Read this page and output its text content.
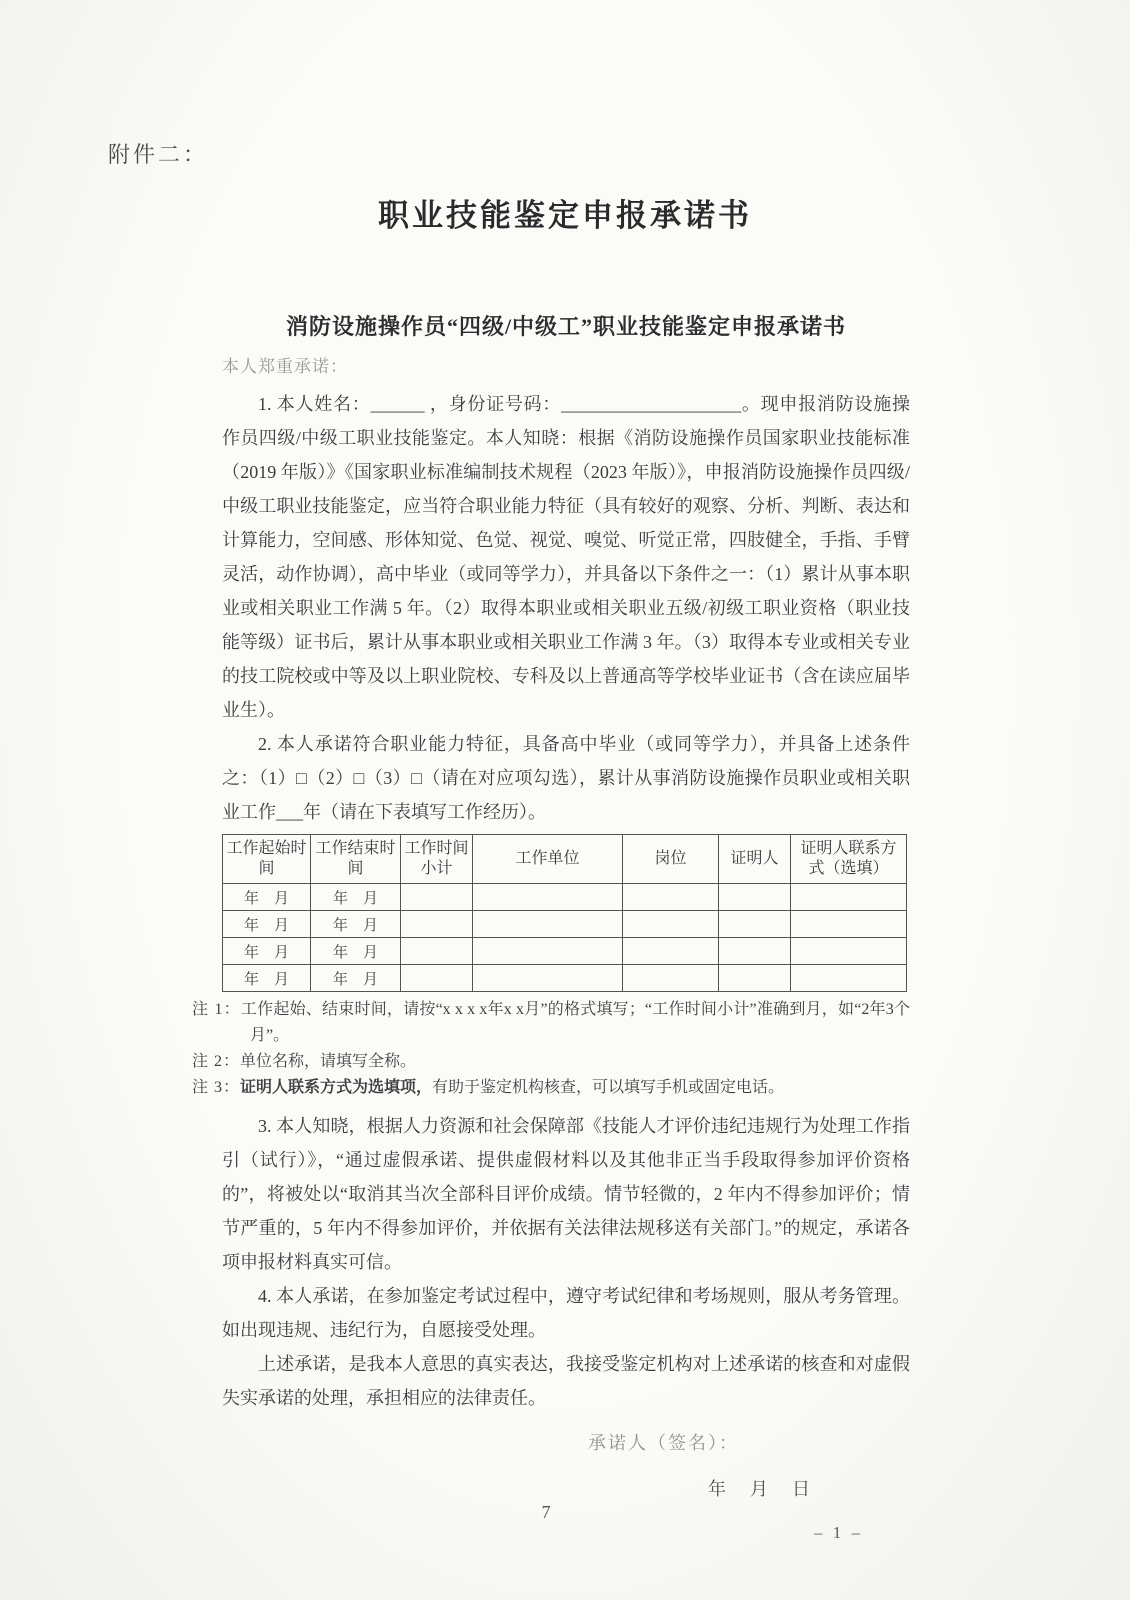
附件二：
职业技能鉴定申报承诺书
消防设施操作员“四级/中级工”职业技能鉴定申报承诺书
本人郑重承诺：

1. 本人姓名：______ ，身份证号码：____________________。现申报消防设施操作员四级/中级工职业技能鉴定。本人知晓：根据《消防设施操作员国家职业技能标准（2019 年版）》《国家职业标准编制技术规程（2023 年版）》，申报消防设施操作员四级/中级工职业技能鉴定，应当符合职业能力特征（具有较好的观察、分析、判断、表达和计算能力，空间感、形体知觉、色觉、视觉、嗅觉、听觉正常，四肢健全，手指、手臂灵活，动作协调），高中毕业（或同等学力），并具备以下条件之一：（1）累计从事本职业或相关职业工作满 5 年。（2）取得本职业或相关职业五级/初级工职业资格（职业技能等级）证书后，累计从事本职业或相关职业工作满 3 年。（3）取得本专业或相关专业的技工院校或中等及以上职业院校、专科及以上普通高等学校毕业证书（含在读应届毕业生）。

2. 本人承诺符合职业能力特征，具备高中毕业（或同等学力），并具备上述条件之：（1）□（2）□（3）□（请在对应项勾选），累计从事消防设施操作员职业或相关职业工作___年（请在下表填写工作经历）。

工作起始时间	工作结束时间	工作时间小计	工作单位	岗位	证明人	证明人联系方式（选填）
年　月	年　月					
年　月	年　月					
年　月	年　月					
年　月	年　月					
注 1：工作起始、结束时间，请按“x x x x年x x月”的格式填写；“工作时间小计”准确到月，如“2年3个月”。
注 2：单位名称，请填写全称。
注 3：证明人联系方式为选填项，有助于鉴定机构核查，可以填写手机或固定电话。

3. 本人知晓，根据人力资源和社会保障部《技能人才评价违纪违规行为处理工作指引（试行）》，“通过虚假承诺、提供虚假材料以及其他非正当手段取得参加评价资格的”，将被处以“取消其当次全部科目评价成绩。情节轻微的，2 年内不得参加评价；情节严重的，5 年内不得参加评价，并依据有关法律法规移送有关部门。”的规定，承诺各项申报材料真实可信。

4. 本人承诺，在参加鉴定考试过程中，遵守考试纪律和考场规则，服从考务管理。如出现违规、违纪行为，自愿接受处理。

上述承诺，是我本人意思的真实表达，我接受鉴定机构对上述承诺的核查和对虚假失实承诺的处理，承担相应的法律责任。

承诺人（签名）：
年　月　日
– 1 –
7
